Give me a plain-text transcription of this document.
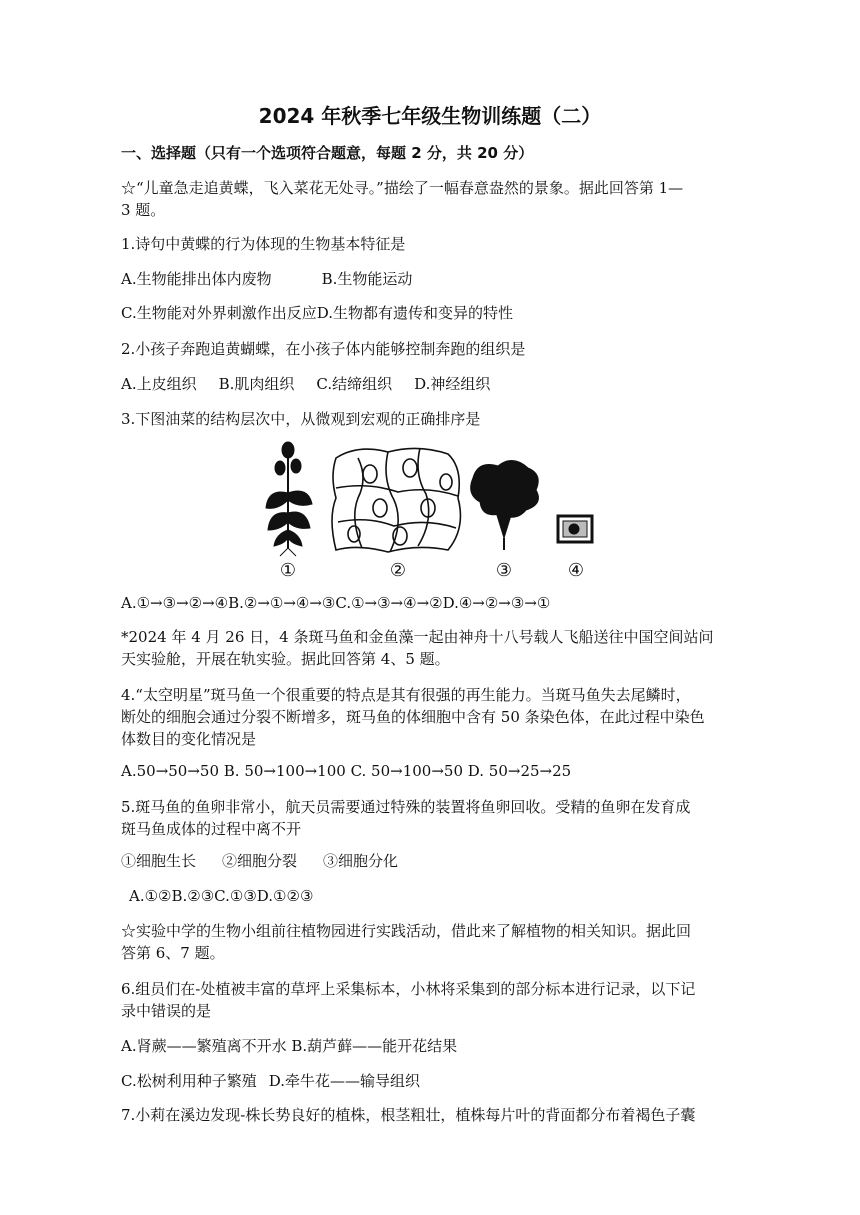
2024 年秋季七年级生物训练题（二）
一、选择题（只有一个选项符合题意，每题 2 分，共 20 分）
☆“儿童急走追黄蝶，飞入菜花无处寻。”描绘了一幅春意盎然的景象。据此回答第 1—
3 题。
1.诗句中黄蝶的行为体现的生物基本特征是
A.生物能排出体内废物	B.生物能运动
C.生物能对外界刺激作出反应D.生物都有遗传和变异的特性
2.小孩子奔跑追黄蝴蝶，在小孩子体内能够控制奔跑的组织是
A.上皮组织 B.肌肉组织 C.结缔组织 D.神经组织
3.下图油菜的结构层次中，从微观到宏观的正确排序是
①	②	③	④
A.①→③→②→④B.②→①→④→③C.①→③→④→②D.④→②→③→①
*2024 年 4 月 26 日，4 条斑马鱼和金鱼藻一起由神舟十八号载人飞船送往中国空间站问
天实验舱，开展在轨实验。据此回答第 4、5 题。
4.“太空明星”斑马鱼一个很重要的特点是其有很强的再生能力。当斑马鱼失去尾鳞时，
断处的细胞会通过分裂不断增多，斑马鱼的体细胞中含有 50 条染色体，在此过程中染色
体数目的变化情况是
A.50→50→50 B. 50→100→100 C. 50→100→50 D. 50→25→25
5.斑马鱼的鱼卵非常小，航天员需要通过特殊的装置将鱼卵回收。受精的鱼卵在发育成
斑马鱼成体的过程中离不开
①细胞生长 ②细胞分裂 ③细胞分化
A.①②B.②③C.①③D.①②③
☆实验中学的生物小组前往植物园进行实践活动，借此来了解植物的相关知识。据此回
答第 6、7 题。
6.组员们在-处植被丰富的草坪上采集标本，小林将采集到的部分标本进行记录，以下记
录中错误的是
A.肾蕨——繁殖离不开水 B.葫芦藓——能开花结果
C.松树利用种子繁殖 D.牵牛花——输导组织
7.小莉在溪边发现-株长势良好的植株，根茎粗壮，植株每片叶的背面都分布着褐色子囊
